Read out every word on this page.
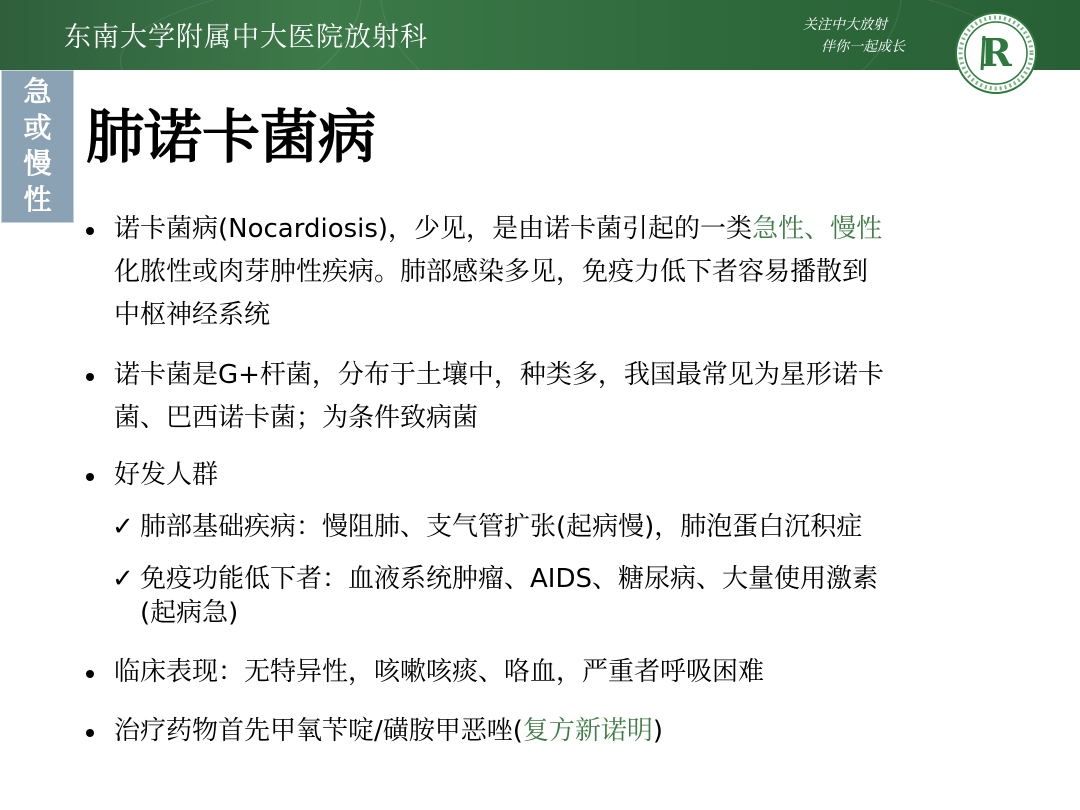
东南大学附属中大医院放射科	关注中大放射
伴你一起成长 R
急
或
慢
性
肺诺卡菌病
诺卡菌病(Nocardiosis)，少见，是由诺卡菌引起的一类急性、慢性
化脓性或肉芽肿性疾病。肺部感染多见，免疫力低下者容易播散到
中枢神经系统
诺卡菌是G+杆菌，分布于土壤中，种类多，我国最常见为星形诺卡
菌、巴西诺卡菌；为条件致病菌
好发人群
✓ 肺部基础疾病：慢阻肺、支气管扩张(起病慢)，肺泡蛋白沉积症
✓ 免疫功能低下者：血液系统肿瘤、AIDS、糖尿病、大量使用激素
(起病急)
临床表现：无特异性，咳嗽咳痰、咯血，严重者呼吸困难
治疗药物首先甲氧苄啶/磺胺甲恶唑(复方新诺明)
